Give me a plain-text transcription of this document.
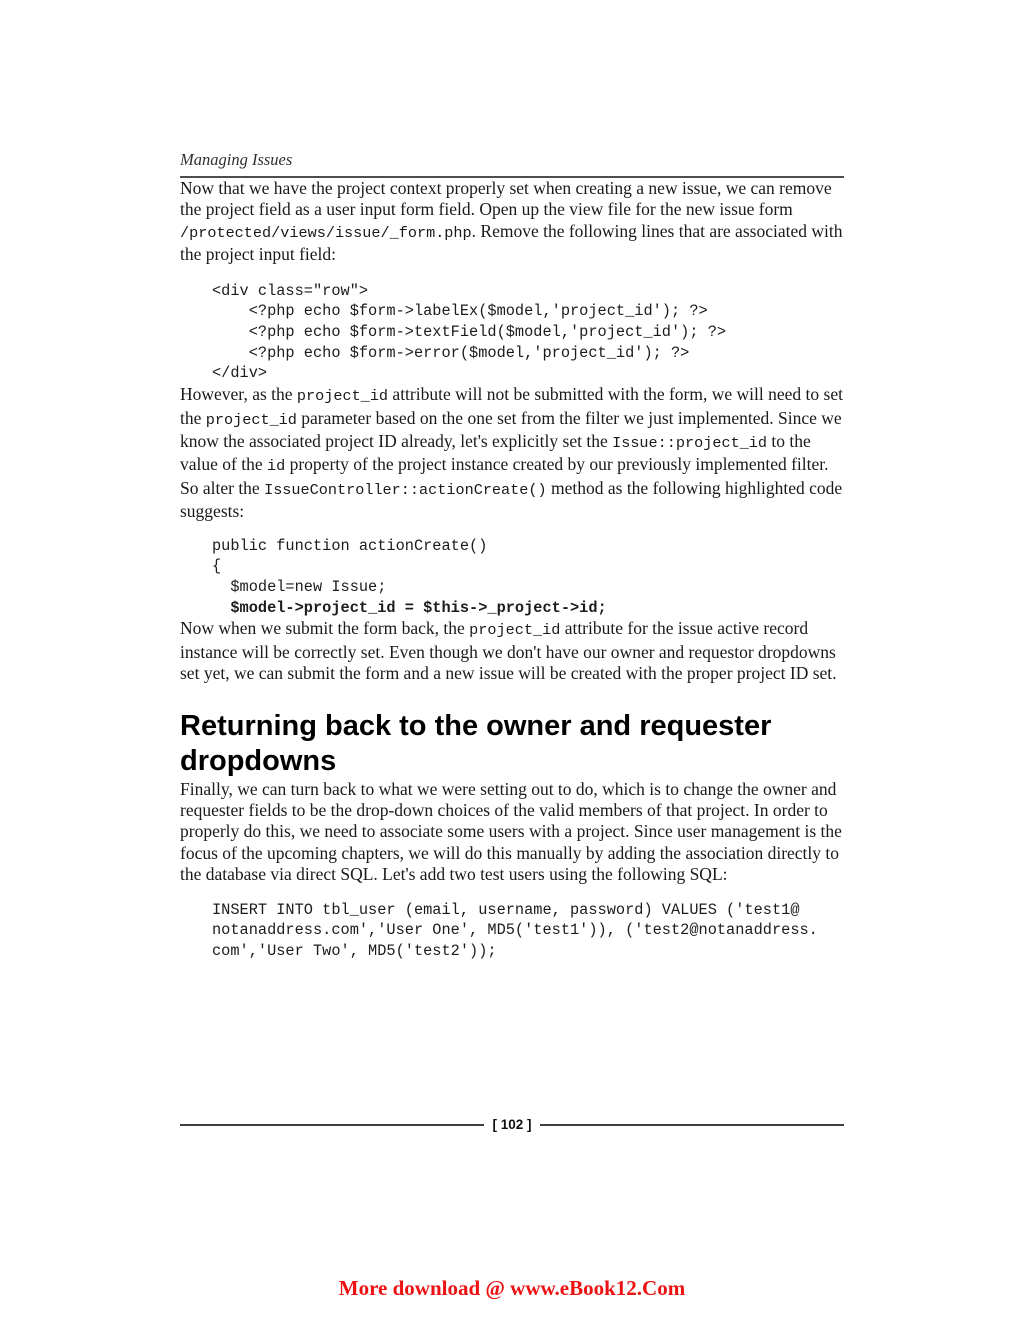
Managing Issues

Now that we have the project context properly set when creating a new issue, we can remove the project field as a user input form field. Open up the view file for the new issue form /protected/views/issue/_form.php. Remove the following lines that are associated with the project input field:

<div class="row">
<?php echo $form->labelEx($model,'project_id'); ?>
<?php echo $form->textField($model,'project_id'); ?>
<?php echo $form->error($model,'project_id'); ?>
</div>

However, as the project_id attribute will not be submitted with the form, we will need to set the project_id parameter based on the one set from the filter we just implemented. Since we know the associated project ID already, let's explicitly set the Issue::project_id to the value of the id property of the project instance created by our previously implemented filter. So alter the IssueController::actionCreate() method as the following highlighted code suggests:

public function actionCreate()
{
$model=new Issue;
$model->project_id = $this->_project->id;

Now when we submit the form back, the project_id attribute for the issue active record instance will be correctly set. Even though we don't have our owner and requestor dropdowns set yet, we can submit the form and a new issue will be created with the proper project ID set.

Returning back to the owner and requester dropdowns

Finally, we can turn back to what we were setting out to do, which is to change the owner and requester fields to be the drop-down choices of the valid members of that project. In order to properly do this, we need to associate some users with a project. Since user management is the focus of the upcoming chapters, we will do this manually by adding the association directly to the database via direct SQL. Let's add two test users using the following SQL:

INSERT INTO tbl_user (email, username, password) VALUES ('test1@
notanaddress.com','User One', MD5('test1')), ('test2@notanaddress.
com','User Two', MD5('test2'));
[ 102 ]
More download @ www.eBook12.Com
